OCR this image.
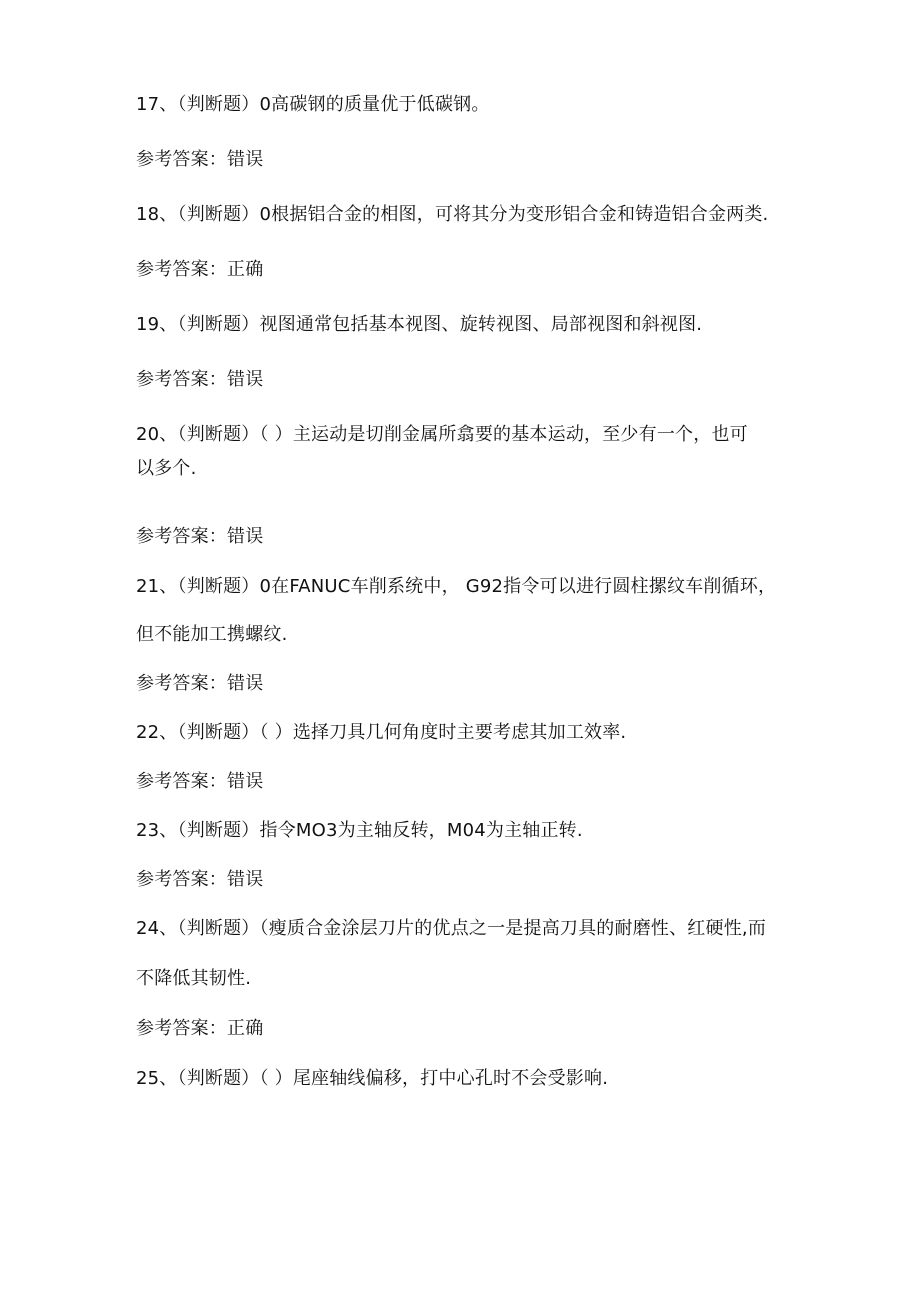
17、（判断题）0高碳钢的质量优于低碳钢。
参考答案：错误
18、（判断题）0根据铝合金的相图，可将其分为变形铝合金和铸造铝合金两类.
参考答案：正确
19、（判断题）视图通常包括基本视图、旋转视图、局部视图和斜视图.
参考答案：错误
20、（判断题）（ ）主运动是切削金属所翕要的基本运动，至少有一个，也可
以多个.
参考答案：错误
21、（判断题）0在FANUC车削系统中， G92指令可以进行圆柱摞纹车削循环，
但不能加工携螺纹.
参考答案：错误
22、（判断题）（ ）选择刀具几何角度时主要考虑其加工效率.
参考答案：错误
23、（判断题）指令MO3为主轴反转，M04为主轴正转.
参考答案：错误
24、（判断题）（瘦质合金涂层刀片的优点之一是提高刀具的耐磨性、红硬性,而
不降低其韧性.
参考答案：正确
25、（判断题）（ ）尾座轴线偏移，打中心孔时不会受影响.
